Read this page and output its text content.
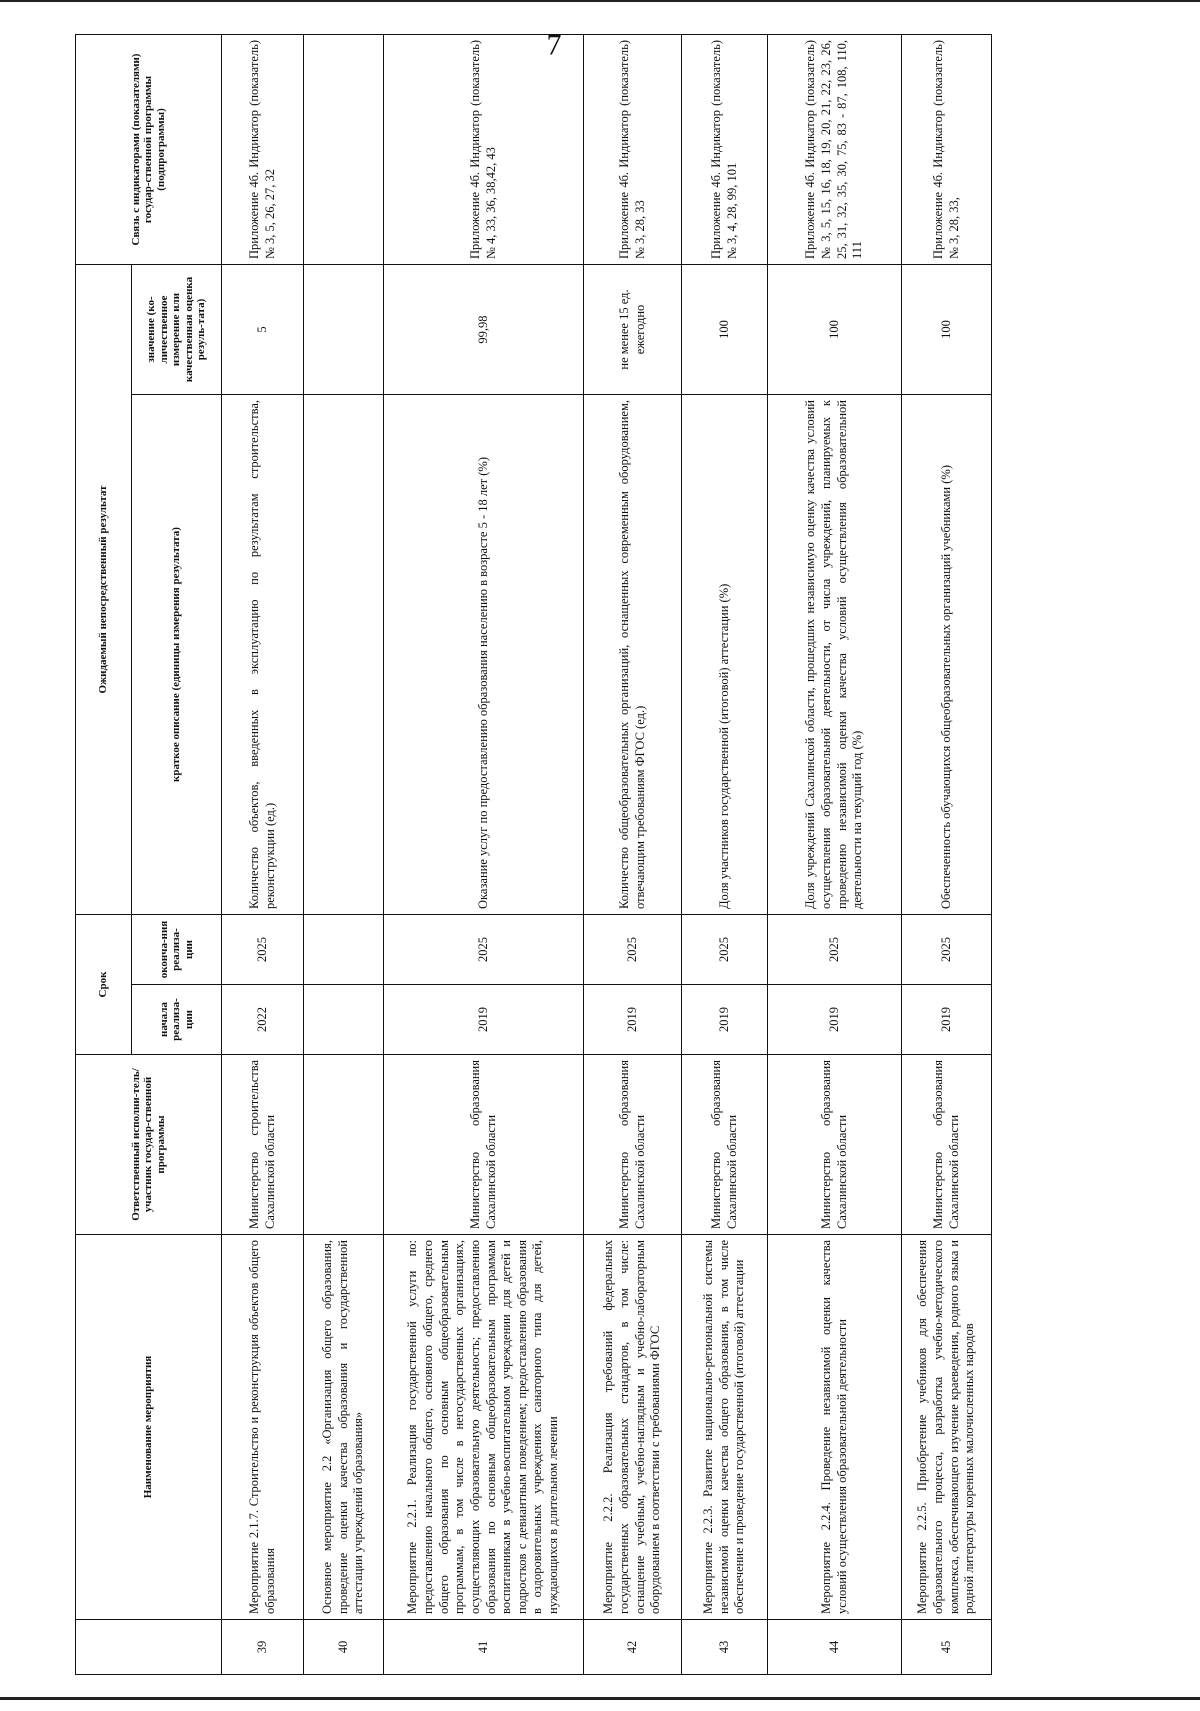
7
	Наименование мероприятия	Ответственный исполни-тель/участник государ-ственной программы	Срок		Ожидаемый непосредственный результат		Связь с индикаторами (показателями) государ-ственной программы (подпрограммы)
			начала реализа-ции	оконча-ния реализа-ции	краткое описание (единицы измерения результата)	значение (ко-личественное измерение или качественная оценка резуль-тата)	
39	Мероприятие 2.1.7. Строительство и реконструкция объектов общего образования	Министерство строительства Сахалинской области	2022	2025	Количество объектов, введенных в эксплуатацию по результатам строительства, реконструкции (ед.)	5	Приложение 4б. Индикатор (показатель) № 3, 5, 26, 27, 32
40	Основное мероприятие 2.2 «Организация общего образования, проведение оценки качества образования и государственной аттестации учреждений образования»						
41	Мероприятие 2.2.1. Реализация государственной услуги по: предоставлению начального общего, основного общего, среднего общего образования по основным общеобразовательным программам, в том числе в негосударственных организациях, осуществляющих образовательную деятельность; предоставлению образования по основным общеобразовательным программам воспитанникам в учебно-воспитательном учреждении для детей и подростков с девиантным поведением; предоставлению образования в оздоровительных учреждениях санаторного типа для детей, нуждающихся в длительном лечении	Министерство образования Сахалинской области	2019	2025	Оказание услуг по предоставлению образования населению в возрасте 5 - 18 лет (%)	99,98	Приложение 4б. Индикатор (показатель) № 4, 33, 36, 38,42, 43
42	Мероприятие 2.2.2. Реализация требований федеральных государственных образовательных стандартов, в том числе: оснащение учебным, учебно-наглядным и учебно-лабораторным оборудованием в соответствии с требованиями ФГОС	Министерство образования Сахалинской области	2019	2025	Количество общеобразовательных организаций, оснащенных современным оборудованием, отвечающим требованиям ФГОС (ед.)	не менее 15 ед. ежегодно	Приложение 4б. Индикатор (показатель) № 3, 28, 33
43	Мероприятие 2.2.3. Развитие национально-региональной системы независимой оценки качества общего образования, в том числе обеспечение и проведение государственной (итоговой) аттестации	Министерство образования Сахалинской области	2019	2025	Доля участников государственной (итоговой) аттестации (%)	100	Приложение 4б. Индикатор (показатель) № 3, 4, 28, 99, 101
44	Мероприятие 2.2.4. Проведение независимой оценки качества условий осуществления образовательной деятельности	Министерство образования Сахалинской области	2019	2025	Доля учреждений Сахалинской области, прошедших независимую оценку качества условий осуществления образовательной деятельности, от числа учреждений, планируемых к проведению независимой оценки качества условий осуществления образовательной деятельности на текущий год (%)	100	Приложение 4б. Индикатор (показатель) № 3, 5, 15, 16, 18, 19, 20, 21, 22, 23, 26, 25, 31, 32, 35, 30, 75, 83 - 87, 108, 110, 111
45	Мероприятие 2.2.5. Приобретение учебников для обеспечения образовательного процесса, разработка учебно-методического комплекса, обеспечивающего изучение краеведения, родного языка и родной литературы коренных малочисленных народов	Министерство образования Сахалинской области	2019	2025	Обеспеченность обучающихся общеобразовательных организаций учебниками (%)	100	Приложение 4б. Индикатор (показатель) № 3, 28, 33,
